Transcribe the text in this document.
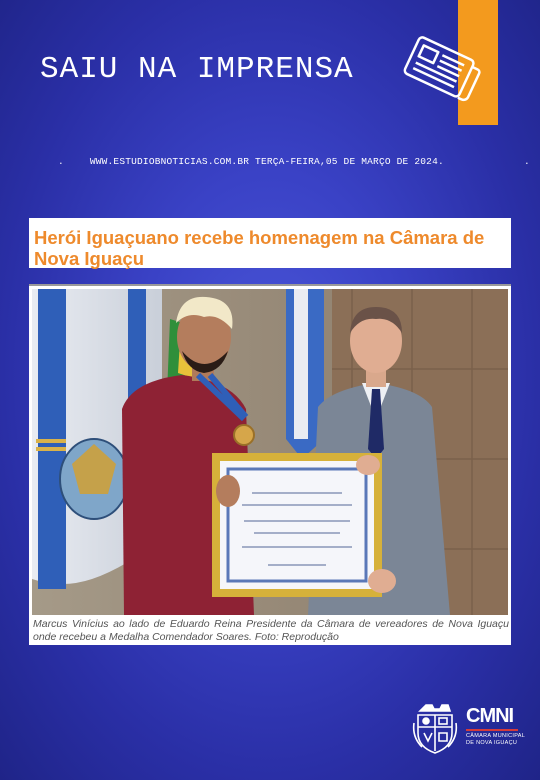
SAIU NA IMPRENSA
.	WWW.ESTUDIOBNOTICIAS.COM.BR TERÇA-FEIRA,05 DE MARÇO DE 2024.	.
Herói Iguaçuano recebe homenagem na Câmara de Nova Iguaçu
Marcus Vinícius ao lado de Eduardo Reina Presidente da Câmara de vereadores de Nova Iguaçu onde recebeu a Medalha Comendador Soares. Foto: Reprodução
CMNI
CÂMARA MUNICIPAL
DE NOVA IGUAÇU
